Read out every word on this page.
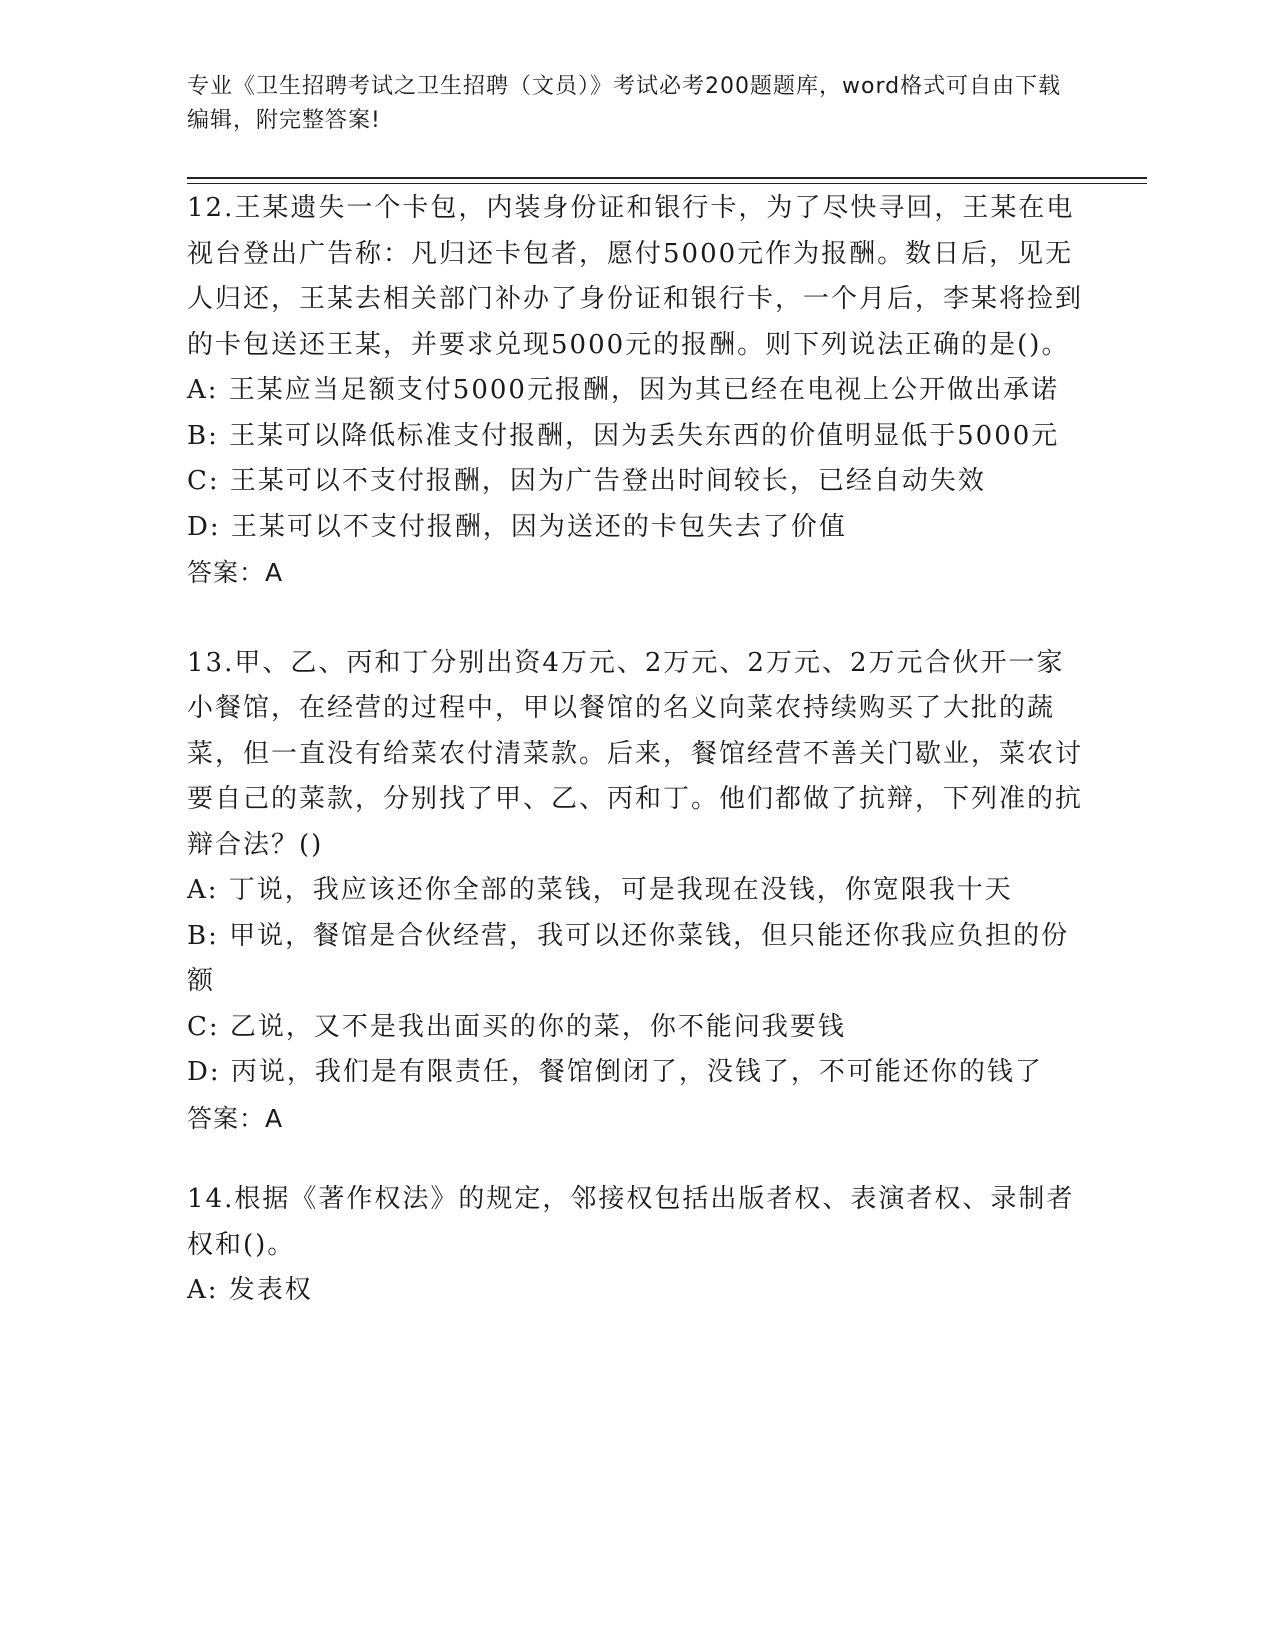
专业《卫生招聘考试之卫生招聘（文员）》考试必考200题题库，word格式可自由下载编辑，附完整答案!

12.王某遗失一个卡包，内装身份证和银行卡，为了尽快寻回，王某在电视台登出广告称：凡归还卡包者，愿付5000元作为报酬。数日后，见无人归还，王某去相关部门补办了身份证和银行卡，一个月后，李某将捡到的卡包送还王某，并要求兑现5000元的报酬。则下列说法正确的是()。

A: 王某应当足额支付5000元报酬，因为其已经在电视上公开做出承诺

B: 王某可以降低标准支付报酬，因为丢失东西的价值明显低于5000元

C: 王某可以不支付报酬，因为广告登出时间较长，已经自动失效

D: 王某可以不支付报酬，因为送还的卡包失去了价值

答案：A

13.甲、乙、丙和丁分别出资4万元、2万元、2万元、2万元合伙开一家小餐馆，在经营的过程中，甲以餐馆的名义向菜农持续购买了大批的蔬菜，但一直没有给菜农付清菜款。后来，餐馆经营不善关门歇业，菜农讨要自己的菜款，分别找了甲、乙、丙和丁。他们都做了抗辩，下列准的抗辩合法？()

A: 丁说，我应该还你全部的菜钱，可是我现在没钱，你宽限我十天

B: 甲说，餐馆是合伙经营，我可以还你菜钱，但只能还你我应负担的份额

C: 乙说，又不是我出面买的你的菜，你不能问我要钱

D: 丙说，我们是有限责任，餐馆倒闭了，没钱了，不可能还你的钱了

答案：A

14.根据《著作权法》的规定，邻接权包括出版者权、表演者权、录制者权和()。

A: 发表权
